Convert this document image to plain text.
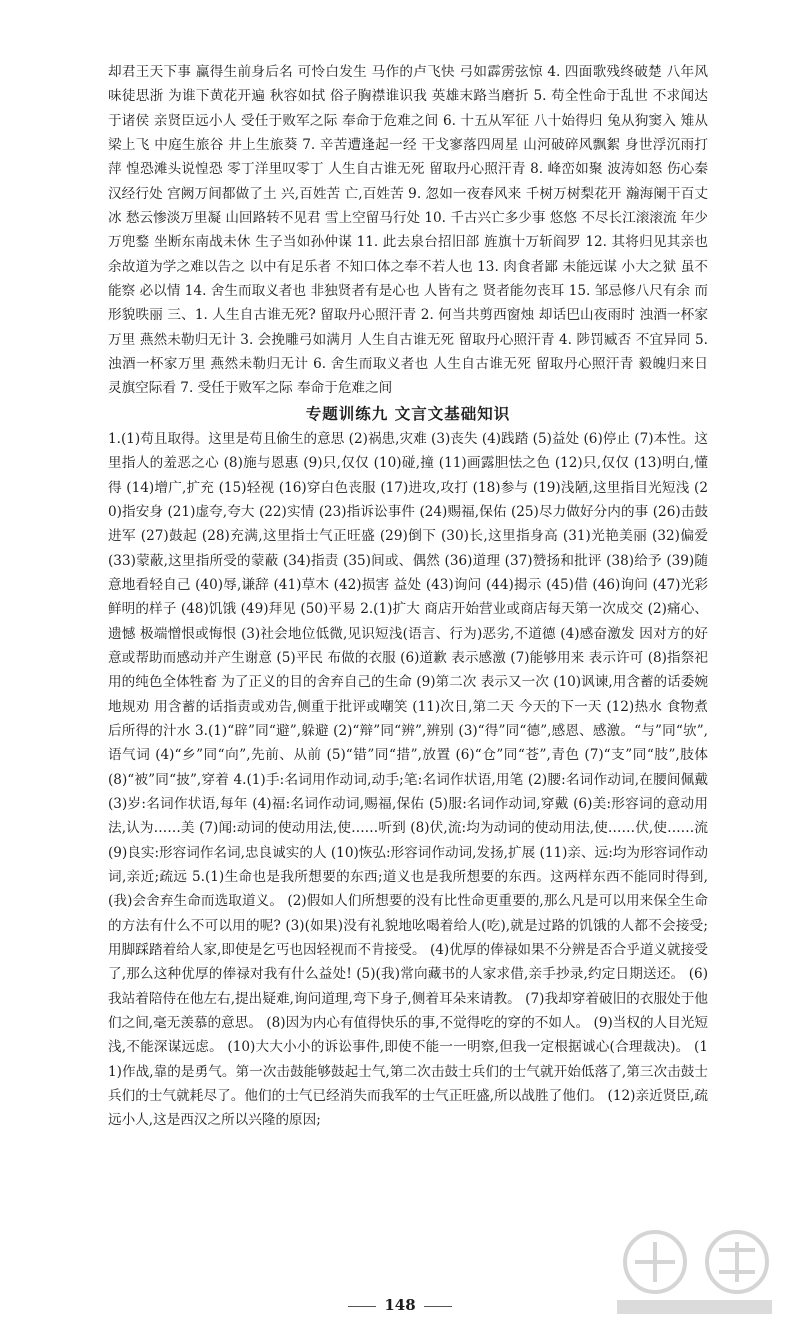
却君王天下事 赢得生前身后名 可怜白发生 马作的卢飞快 弓如霹雳弦惊 4. 四面歌残终破楚 八年风味徒思浙 为谁下黄花开遍 秋容如拭 俗子胸襟谁识我 英雄末路当磨折 5. 苟全性命于乱世 不求闻达于诸侯 亲贤臣远小人 受任于败军之际 奉命于危难之间 6. 十五从军征 八十始得归 兔从狗窦入 雉从梁上飞 中庭生旅谷 井上生旅葵 7. 辛苦遭逢起一经 干戈寥落四周星 山河破碎风飘絮 身世浮沉雨打萍 惶恐滩头说惶恐 零丁洋里叹零丁 人生自古谁无死 留取丹心照汗青 8. 峰峦如聚 波涛如怒 伤心秦汉经行处 宫阙万间都做了土 兴,百姓苦 亡,百姓苦 9. 忽如一夜春风来 千树万树梨花开 瀚海阑干百丈冰 愁云惨淡万里凝 山回路转不见君 雪上空留马行处 10. 千古兴亡多少事 悠悠 不尽长江滚滚流 年少万兜鍪 坐断东南战未休 生子当如孙仲谋 11. 此去泉台招旧部 旌旗十万斩阎罗 12. 其将归见其亲也 余故道为学之难以告之 以中有足乐者 不知口体之奉不若人也 13. 肉食者鄙 未能远谋 小大之狱 虽不能察 必以情 14. 舍生而取义者也 非独贤者有是心也 人皆有之 贤者能勿丧耳 15. 邹忌修八尺有余 而形貌昳丽 三、1. 人生自古谁无死? 留取丹心照汗青 2. 何当共剪西窗烛 却话巴山夜雨时 浊酒一杯家万里 燕然未勒归无计 3. 会挽雕弓如满月 人生自古谁无死 留取丹心照汗青 4. 陟罚臧否 不宜异同 5. 浊酒一杯家万里 燕然未勒归无计 6. 舍生而取义者也 人生自古谁无死 留取丹心照汗青 毅魄归来日 灵旗空际看 7. 受任于败军之际 奉命于危难之间

专题训练九 文言文基础知识

1.(1)苟且取得。这里是苟且偷生的意思 (2)祸患,灾难 (3)丧失 (4)践踏 (5)益处 (6)停止 (7)本性。这里指人的羞恶之心 (8)施与恩惠 (9)只,仅仅 (10)碰,撞 (11)画露胆怯之色 (12)只,仅仅 (13)明白,懂得 (14)增广,扩充 (15)轻视 (16)穿白色丧服 (17)进攻,攻打 (18)参与 (19)浅陋,这里指目光短浅 (20)指安身 (21)虚夸,夸大 (22)实情 (23)指诉讼事件 (24)赐福,保佑 (25)尽力做好分内的事 (26)击鼓进军 (27)鼓起 (28)充满,这里指士气正旺盛 (29)倒下 (30)长,这里指身高 (31)光艳美丽 (32)偏爱 (33)蒙蔽,这里指所受的蒙蔽 (34)指责 (35)间或、偶然 (36)道理 (37)赞扬和批评 (38)给予 (39)随意地看轻自己 (40)辱,谦辞 (41)草木 (42)损害 益处 (43)询问 (44)揭示 (45)借 (46)询问 (47)光彩鲜明的样子 (48)饥饿 (49)拜见 (50)平易 2.(1)扩大 商店开始营业或商店每天第一次成交 (2)痛心、遗憾 极端憎恨或悔恨 (3)社会地位低微,见识短浅(语言、行为)恶劣,不道德 (4)感奋激发 因对方的好意或帮助而感动并产生谢意 (5)平民 布做的衣服 (6)道歉 表示感激 (7)能够用来 表示许可 (8)指祭祀用的纯色全体牲畜 为了正义的目的舍弃自己的生命 (9)第二次 表示又一次 (10)讽谏,用含蓄的话委婉地规劝 用含蓄的话指责或劝告,侧重于批评或嘲笑 (11)次日,第二天 今天的下一天 (12)热水 食物煮后所得的汁水 3.(1)“辟”同“避”,躲避 (2)“辩”同“辨”,辨别 (3)“得”同“德”,感恩、感激。“与”同“欤”,语气词 (4)“乡”同“向”,先前、从前 (5)“错”同“措”,放置 (6)“仓”同“苍”,青色 (7)“支”同“肢”,肢体 (8)“被”同“披”,穿着 4.(1)手:名词用作动词,动手;笔:名词作状语,用笔 (2)腰:名词作动词,在腰间佩戴 (3)岁:名词作状语,每年 (4)福:名词作动词,赐福,保佑 (5)服:名词作动词,穿戴 (6)美:形容词的意动用法,认为……美 (7)闻:动词的使动用法,使……听到 (8)伏,流:均为动词的使动用法,使……伏,使……流 (9)良实:形容词作名词,忠良诚实的人 (10)恢弘:形容词作动词,发扬,扩展 (11)亲、远:均为形容词作动词,亲近;疏远 5.(1)生命也是我所想要的东西;道义也是我所想要的东西。这两样东西不能同时得到,(我)会舍弃生命而选取道义。 (2)假如人们所想要的没有比性命更重要的,那么凡是可以用来保全生命的方法有什么不可以用的呢? (3)(如果)没有礼貌地吆喝着给人(吃),就是过路的饥饿的人都不会接受;用脚踩踏着给人家,即使是乞丐也因轻视而不肯接受。 (4)优厚的俸禄如果不分辨是否合乎道义就接受了,那么这种优厚的俸禄对我有什么益处! (5)(我)常向藏书的人家求借,亲手抄录,约定日期送还。 (6)我站着陪侍在他左右,提出疑难,询问道理,弯下身子,侧着耳朵来请教。 (7)我却穿着破旧的衣服处于他们之间,毫无羡慕的意思。 (8)因为内心有值得快乐的事,不觉得吃的穿的不如人。 (9)当权的人目光短浅,不能深谋远虑。 (10)大大小小的诉讼事件,即使不能一一明察,但我一定根据诚心(合理裁决)。 (11)作战,靠的是勇气。第一次击鼓能够鼓起士气,第二次击鼓士兵们的士气就开始低落了,第三次击鼓士兵们的士气就耗尽了。他们的士气已经消失而我军的士气正旺盛,所以战胜了他们。 (12)亲近贤臣,疏远小人,这是西汉之所以兴隆的原因;

148
